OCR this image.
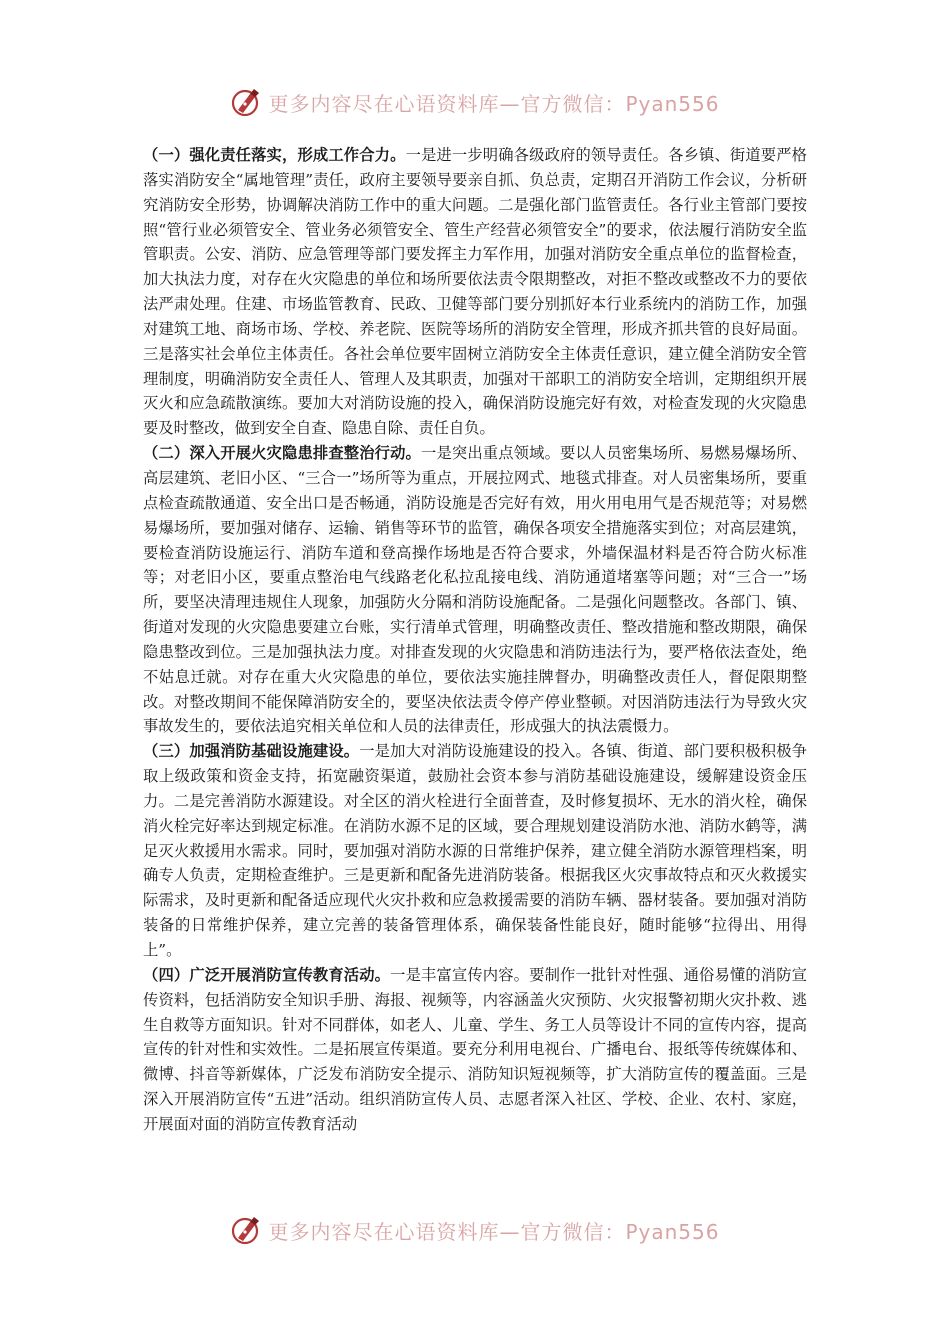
更多内容尽在心语资料库—官方微信：Pyan556

（一）强化责任落实，形成工作合力。一是进一步明确各级政府的领导责任。各乡镇、街道要严格落实消防安全“属地管理”责任，政府主要领导要亲自抓、负总责，定期召开消防工作会议，分析研究消防安全形势，协调解决消防工作中的重大问题。二是强化部门监管责任。各行业主管部门要按照“管行业必须管安全、管业务必须管安全、管生产经营必须管安全”的要求，依法履行消防安全监管职责。公安、消防、应急管理等部门要发挥主力军作用，加强对消防安全重点单位的监督检查，加大执法力度，对存在火灾隐患的单位和场所要依法责令限期整改，对拒不整改或整改不力的要依法严肃处理。住建、市场监管教育、民政、卫健等部门要分别抓好本行业系统内的消防工作，加强对建筑工地、商场市场、学校、养老院、医院等场所的消防安全管理，形成齐抓共管的良好局面。三是落实社会单位主体责任。各社会单位要牢固树立消防安全主体责任意识，建立健全消防安全管理制度，明确消防安全责任人、管理人及其职责，加强对干部职工的消防安全培训，定期组织开展灭火和应急疏散演练。要加大对消防设施的投入，确保消防设施完好有效，对检查发现的火灾隐患要及时整改，做到安全自查、隐患自除、责任自负。

（二）深入开展火灾隐患排查整治行动。一是突出重点领域。要以人员密集场所、易燃易爆场所、高层建筑、老旧小区、“三合一”场所等为重点，开展拉网式、地毯式排查。对人员密集场所，要重点检查疏散通道、安全出口是否畅通，消防设施是否完好有效，用火用电用气是否规范等；对易燃易爆场所，要加强对储存、运输、销售等环节的监管，确保各项安全措施落实到位；对高层建筑，要检查消防设施运行、消防车道和登高操作场地是否符合要求，外墙保温材料是否符合防火标准等；对老旧小区，要重点整治电气线路老化私拉乱接电线、消防通道堵塞等问题；对“三合一”场所，要坚决清理违规住人现象，加强防火分隔和消防设施配备。二是强化问题整改。各部门、镇、街道对发现的火灾隐患要建立台账，实行清单式管理，明确整改责任、整改措施和整改期限，确保隐患整改到位。三是加强执法力度。对排查发现的火灾隐患和消防违法行为，要严格依法查处，绝不姑息迁就。对存在重大火灾隐患的单位，要依法实施挂牌督办，明确整改责任人，督促限期整改。对整改期间不能保障消防安全的，要坚决依法责令停产停业整顿。对因消防违法行为导致火灾事故发生的，要依法追究相关单位和人员的法律责任，形成强大的执法震慑力。

（三）加强消防基础设施建设。一是加大对消防设施建设的投入。各镇、街道、部门要积极积极争取上级政策和资金支持，拓宽融资渠道，鼓励社会资本参与消防基础设施建设，缓解建设资金压力。二是完善消防水源建设。对全区的消火栓进行全面普查，及时修复损坏、无水的消火栓，确保消火栓完好率达到规定标准。在消防水源不足的区域，要合理规划建设消防水池、消防水鹤等，满足灭火救援用水需求。同时，要加强对消防水源的日常维护保养，建立健全消防水源管理档案，明确专人负责，定期检查维护。三是更新和配备先进消防装备。根据我区火灾事故特点和灭火救援实际需求，及时更新和配备适应现代火灾扑救和应急救援需要的消防车辆、器材装备。要加强对消防装备的日常维护保养，建立完善的装备管理体系，确保装备性能良好，随时能够“拉得出、用得上”。

（四）广泛开展消防宣传教育活动。一是丰富宣传内容。要制作一批针对性强、通俗易懂的消防宣传资料，包括消防安全知识手册、海报、视频等，内容涵盖火灾预防、火灾报警初期火灾扑救、逃生自救等方面知识。针对不同群体，如老人、儿童、学生、务工人员等设计不同的宣传内容，提高宣传的针对性和实效性。二是拓展宣传渠道。要充分利用电视台、广播电台、报纸等传统媒体和、微博、抖音等新媒体，广泛发布消防安全提示、消防知识短视频等，扩大消防宣传的覆盖面。三是深入开展消防宣传“五进”活动。组织消防宣传人员、志愿者深入社区、学校、企业、农村、家庭，开展面对面的消防宣传教育活动

更多内容尽在心语资料库—官方微信：Pyan556
